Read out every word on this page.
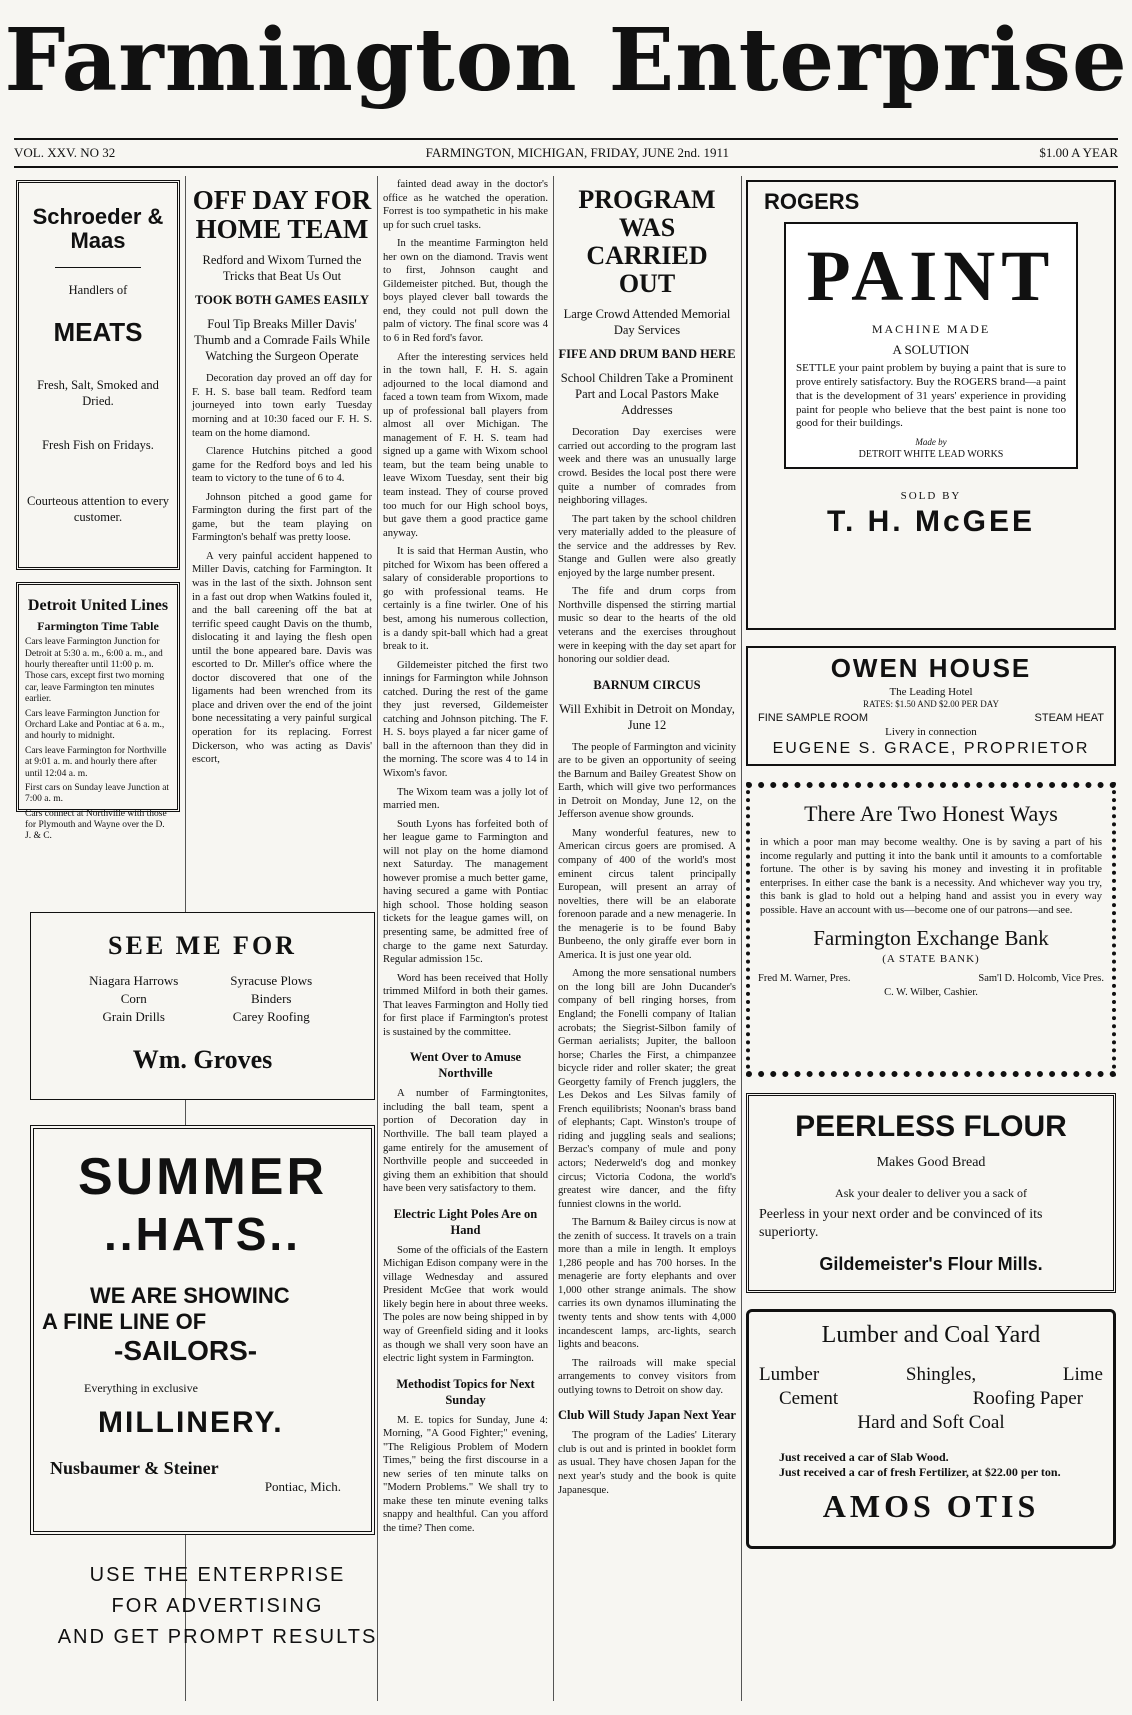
Farmington Enterprise
VOL. XXV. NO 32	FARMINGTON, MICHIGAN, FRIDAY, JUNE 2nd. 1911	$1.00 A YEAR
Schroeder & Maas
Handlers of
MEATS
Fresh, Salt, Smoked and Dried.
Fresh Fish on Fridays.
Courteous attention to every customer.
Detroit United Lines
Farmington Time Table
Cars leave Farmington Junction for Detroit at 5:30 a. m., 6:00 a. m., and hourly thereafter until 11:00 p. m. Those cars, except first two morning car, leave Farmington ten minutes earlier.
Cars leave Farmington Junction for Orchard Lake and Pontiac at 6 a. m., and hourly to midnight.
Cars leave Farmington for Northville at 9:01 a. m. and hourly there after until 12:04 a. m.
First cars on Sunday leave Junction at 7:00 a. m.
Cars connect at Northville with those for Plymouth and Wayne over the D. J. & C.
SEE ME FOR
Niagara Harrows	Syracuse Plows
Corn	Binders
Grain Drills	Carey Roofing
Wm. Groves
SUMMER
..HATS..
WE ARE SHOWINC
A FINE LINE OF
-SAILORS-
Everything in exclusive
MILLINERY.
Nusbaumer & Steiner
Pontiac, Mich.
USE THE ENTERPRISE
FOR ADVERTISING
AND GET PROMPT RESULTS
OFF DAY FOR HOME TEAM
Redford and Wixom Turned the Tricks that Beat Us Out
TOOK BOTH GAMES EASILY
Foul Tip Breaks Miller Davis' Thumb and a Comrade Fails While Watching the Surgeon Operate

Decoration day proved an off day for F. H. S. base ball team. Redford team journeyed into town early Tuesday morning and at 10:30 faced our F. H. S. team on the home diamond.

Clarence Hutchins pitched a good game for the Redford boys and led his team to victory to the tune of 6 to 4.

Johnson pitched a good game for Farmington during the first part of the game, but the team playing on Farmington's behalf was pretty loose.

A very painful accident happened to Miller Davis, catching for Farmington. It was in the last of the sixth. Johnson sent in a fast out drop when Watkins fouled it, and the ball careening off the bat at terrific speed caught Davis on the thumb, dislocating it and laying the flesh open until the bone appeared bare. Davis was escorted to Dr. Miller's office where the doctor discovered that one of the ligaments had been wrenched from its place and driven over the end of the joint bone necessitating a very painful surgical operation for its replacing. Forrest Dickerson, who was acting as Davis' escort,

fainted dead away in the doctor's office as he watched the operation. Forrest is too sympathetic in his make up for such cruel tasks.

In the meantime Farmington held her own on the diamond. Travis went to first, Johnson caught and Gildemeister pitched. But, though the boys played clever ball towards the end, they could not pull down the palm of victory. The final score was 4 to 6 in Red ford's favor.

After the interesting services held in the town hall, F. H. S. again adjourned to the local diamond and faced a town team from Wixom, made up of professional ball players from almost all over Michigan. The management of F. H. S. team had signed up a game with Wixom school team, but the team being unable to leave Wixom Tuesday, sent their big team instead. They of course proved too much for our High school boys, but gave them a good practice game anyway.

It is said that Herman Austin, who pitched for Wixom has been offered a salary of considerable proportions to go with professional teams. He certainly is a fine twirler. One of his best, among his numerous collection, is a dandy spit-ball which had a great break to it.

Gildemeister pitched the first two innings for Farmington while Johnson catched. During the rest of the game they just reversed, Gildemeister catching and Johnson pitching. The F. H. S. boys played a far nicer game of ball in the afternoon than they did in the morning. The score was 4 to 14 in Wixom's favor.

The Wixom team was a jolly lot of married men.

South Lyons has forfeited both of her league game to Farmington and will not play on the home diamond next Saturday. The management however promise a much better game, having secured a game with Pontiac high school. Those holding season tickets for the league games will, on presenting same, be admitted free of charge to the game next Saturday. Regular admission 15c.

Word has been received that Holly trimmed Milford in both their games. That leaves Farmington and Holly tied for first place if Farmington's protest is sustained by the committee.

Went Over to Amuse Northville

A number of Farmingtonites, including the ball team, spent a portion of Decoration day in Northville. The ball team played a game entirely for the amusement of Northville people and succeeded in giving them an exhibition that should have been very satisfactory to them.

Electric Light Poles Are on Hand

Some of the officials of the Eastern Michigan Edison company were in the village Wednesday and assured President McGee that work would likely begin here in about three weeks. The poles are now being shipped in by way of Greenfield siding and it looks as though we shall very soon have an electric light system in Farmington.

Methodist Topics for Next Sunday

M. E. topics for Sunday, June 4: Morning, "A Good Fighter;" evening, "The Religious Problem of Modern Times," being the first discourse in a new series of ten minute talks on "Modern Problems." We shall try to make these ten minute evening talks snappy and healthful. Can you afford the time? Then come.

PROGRAM WAS CARRIED OUT
Large Crowd Attended Memorial Day Services
FIFE AND DRUM BAND HERE
School Children Take a Prominent Part and Local Pastors Make Addresses

Decoration Day exercises were carried out according to the program last week and there was an unusually large crowd. Besides the local post there were quite a number of comrades from neighboring villages.

The part taken by the school children very materially added to the pleasure of the service and the addresses by Rev. Stange and Gullen were also greatly enjoyed by the large number present.

The fife and drum corps from Northville dispensed the stirring martial music so dear to the hearts of the old veterans and the exercises throughout were in keeping with the day set apart for honoring our soldier dead.

BARNUM CIRCUS
Will Exhibit in Detroit on Monday, June 12

The people of Farmington and vicinity are to be given an opportunity of seeing the Barnum and Bailey Greatest Show on Earth, which will give two performances in Detroit on Monday, June 12, on the Jefferson avenue show grounds.

Many wonderful features, new to American circus goers are promised. A company of 400 of the world's most eminent circus talent principally European, will present an array of novelties, there will be an elaborate forenoon parade and a new menagerie. In the menagerie is to be found Baby Bunbeeno, the only giraffe ever born in America. It is just one year old.

Among the more sensational numbers on the long bill are John Ducander's company of bell ringing horses, from England; the Fonelli company of Italian acrobats; the Siegrist-Silbon family of German aerialists; Jupiter, the balloon horse; Charles the First, a chimpanzee bicycle rider and roller skater; the great Georgetty family of French jugglers, the Les Dekos and Les Silvas family of French equilibrists; Noonan's brass band of elephants; Capt. Winston's troupe of riding and juggling seals and sealions; Berzac's company of mule and pony actors; Nederweld's dog and monkey circus; Victoria Codona, the world's greatest wire dancer, and the fifty funniest clowns in the world.

The Barnum & Bailey circus is now at the zenith of success. It travels on a train more than a mile in length. It employs 1,286 people and has 700 horses. In the menagerie are forty elephants and over 1,000 other strange animals. The show carries its own dynamos illuminating the twenty tents and show tents with 4,000 incandescent lamps, arc-lights, search lights and beacons.

The railroads will make special arrangements to convey visitors from outlying towns to Detroit on show day.

Club Will Study Japan Next Year

The program of the Ladies' Literary club is out and is printed in booklet form as usual. They have chosen Japan for the next year's study and the book is quite Japanesque.

ROGERS
PAINT
MACHINE MADE
A SOLUTION
SETTLE your paint problem by buying a paint that is sure to prove entirely satisfactory. Buy the ROGERS brand—a paint that is the development of 31 years' experience in providing paint for people who believe that the best paint is none too good for their buildings.
Made by
DETROIT WHITE LEAD WORKS
SOLD BY
T. H. McGEE
OWEN HOUSE
The Leading Hotel
RATES: $1.50 AND $2.00 PER DAY
FINE SAMPLE ROOM	STEAM HEAT
Livery in connection
EUGENE S. GRACE, PROPRIETOR
There Are Two Honest Ways
in which a poor man may become wealthy. One is by saving a part of his income regularly and putting it into the bank until it amounts to a comfortable fortune. The other is by saving his money and investing it in profitable enterprises. In either case the bank is a necessity. And whichever way you try, this bank is glad to hold out a helping hand and assist you in every way possible. Have an account with us—become one of our patrons—and see.
Farmington Exchange Bank
(A STATE BANK)
Fred M. Warner, Pres.	Sam'l D. Holcomb, Vice Pres.
C. W. Wilber, Cashier.
PEERLESS FLOUR
Makes Good Bread
Ask your dealer to deliver you a sack of
Peerless in your next order and be convinced of its superiorty.
Gildemeister's Flour Mills.
Lumber and Coal Yard
Lumber	Shingles,	Lime
Cement	Roofing Paper
Hard and Soft Coal
Just received a car of Slab Wood.
Just received a car of fresh Fertilizer, at $22.00 per ton.
AMOS OTIS
